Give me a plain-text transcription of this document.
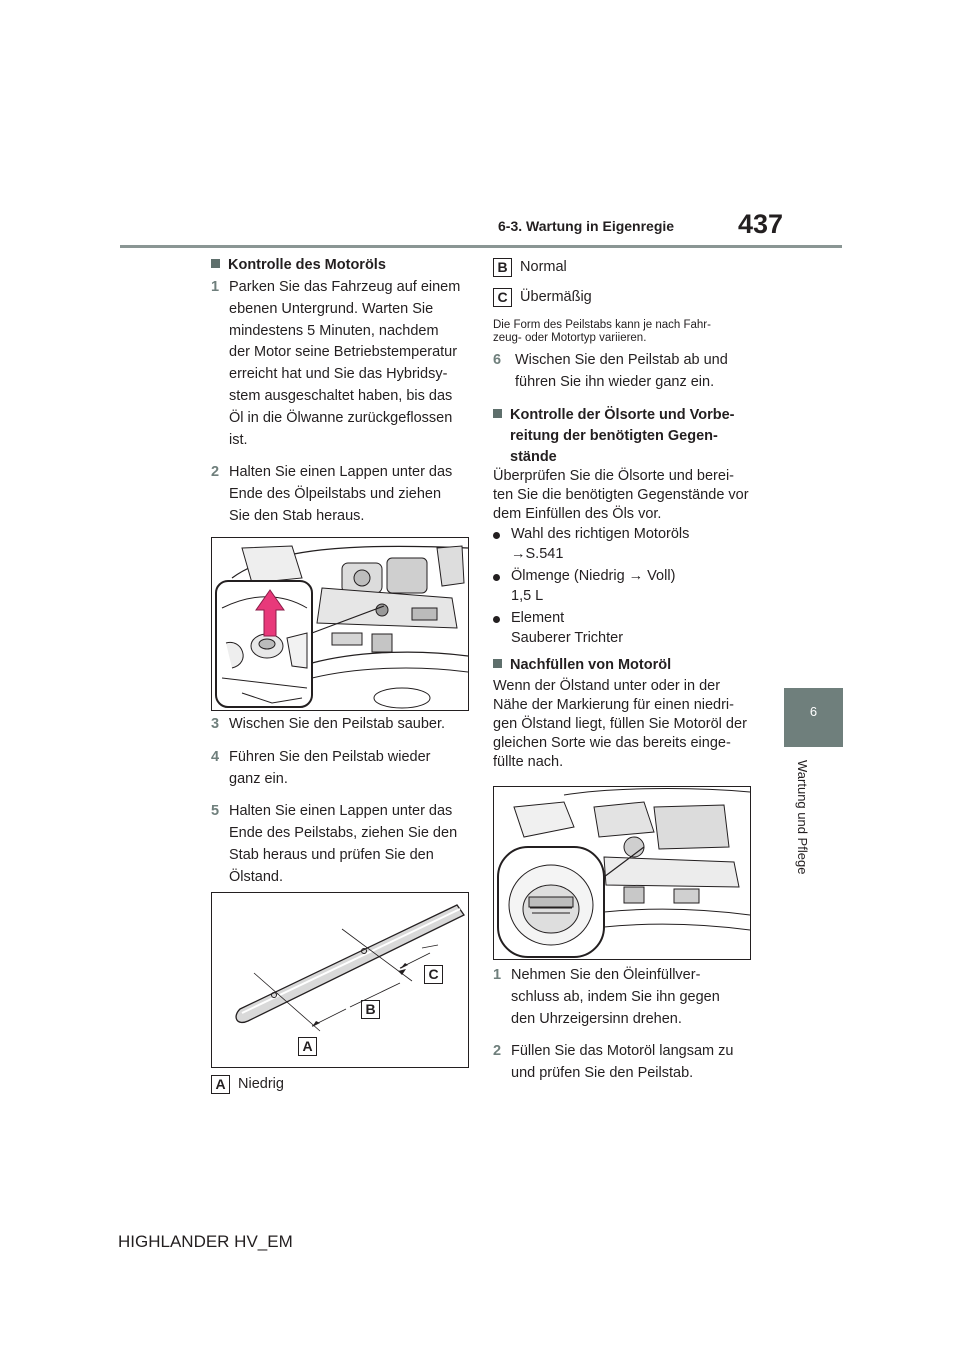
6-3. Wartung in Eigenregie 437
6
Wartung und Pflege
Kontrolle des Motoröls
1 Parken Sie das Fahrzeug auf einem
ebenen Untergrund. Warten Sie
mindestens 5 Minuten, nachdem
der Motor seine Betriebstemperatur
erreicht hat und Sie das Hybridsy-
stem ausgeschaltet haben, bis das
Öl in die Ölwanne zurückgeflossen
ist.
2 Halten Sie einen Lappen unter das
Ende des Ölpeilstabs und ziehen
Sie den Stab heraus.
3 Wischen Sie den Peilstab sauber.
4 Führen Sie den Peilstab wieder
ganz ein.
5 Halten Sie einen Lappen unter das
Ende des Peilstabs, ziehen Sie den
Stab heraus und prüfen Sie den
Ölstand.
C
B
A
A Niedrig
B Normal
C Übermäßig
Die Form des Peilstabs kann je nach Fahr-
zeug- oder Motortyp variieren.
6 Wischen Sie den Peilstab ab und
führen Sie ihn wieder ganz ein.
Kontrolle der Ölsorte und Vorbe-
reitung der benötigten Gegen-
stände
Überprüfen Sie die Ölsorte und berei-
ten Sie die benötigten Gegenstände vor
dem Einfüllen des Öls vor.
Wahl des richtigen Motoröls
→S.541
Ölmenge (Niedrig → Voll)
1,5 L
Element
Sauberer Trichter
Nachfüllen von Motoröl
Wenn der Ölstand unter oder in der
Nähe der Markierung für einen niedri-
gen Ölstand liegt, füllen Sie Motoröl der
gleichen Sorte wie das bereits einge-
füllte nach.
1 Nehmen Sie den Öleinfüllver-
schluss ab, indem Sie ihn gegen
den Uhrzeigersinn drehen.
2 Füllen Sie das Motoröl langsam zu
und prüfen Sie den Peilstab.
HIGHLANDER HV_EM
